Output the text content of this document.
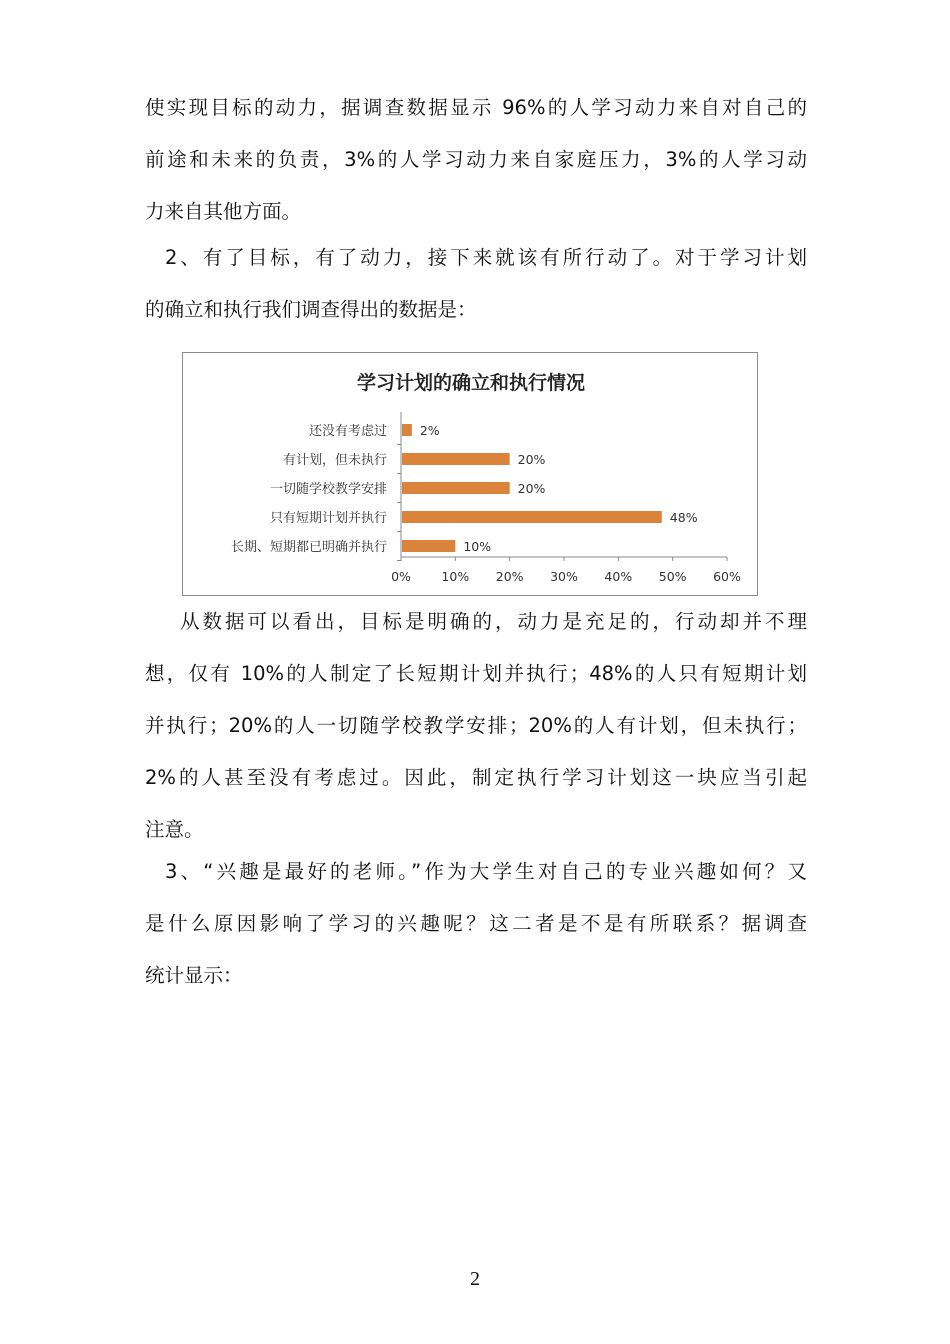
使实现目标的动力，据调查数据显示 96%的人学习动力来自对自己的
前途和未来的负责，3%的人学习动力来自家庭压力，3%的人学习动
力来自其他方面。
2、有了目标，有了动力，接下来就该有所行动了。对于学习计划
的确立和执行我们调查得出的数据是：
学习计划的确立和执行情况
0% 10% 20% 30% 40% 50% 60%
还没有考虑过	2%
有计划，但未执行	20%
一切随学校教学安排	20%
只有短期计划并执行	48%
长期、短期都已明确并执行	10%
从数据可以看出，目标是明确的，动力是充足的，行动却并不理
想，仅有 10%的人制定了长短期计划并执行；48%的人只有短期计划
并执行；20%的人一切随学校教学安排；20%的人有计划，但未执行；
2%的人甚至没有考虑过。因此，制定执行学习计划这一块应当引起
注意。
3、“兴趣是最好的老师。”作为大学生对自己的专业兴趣如何？又
是什么原因影响了学习的兴趣呢？这二者是不是有所联系？据调查
统计显示：
2
